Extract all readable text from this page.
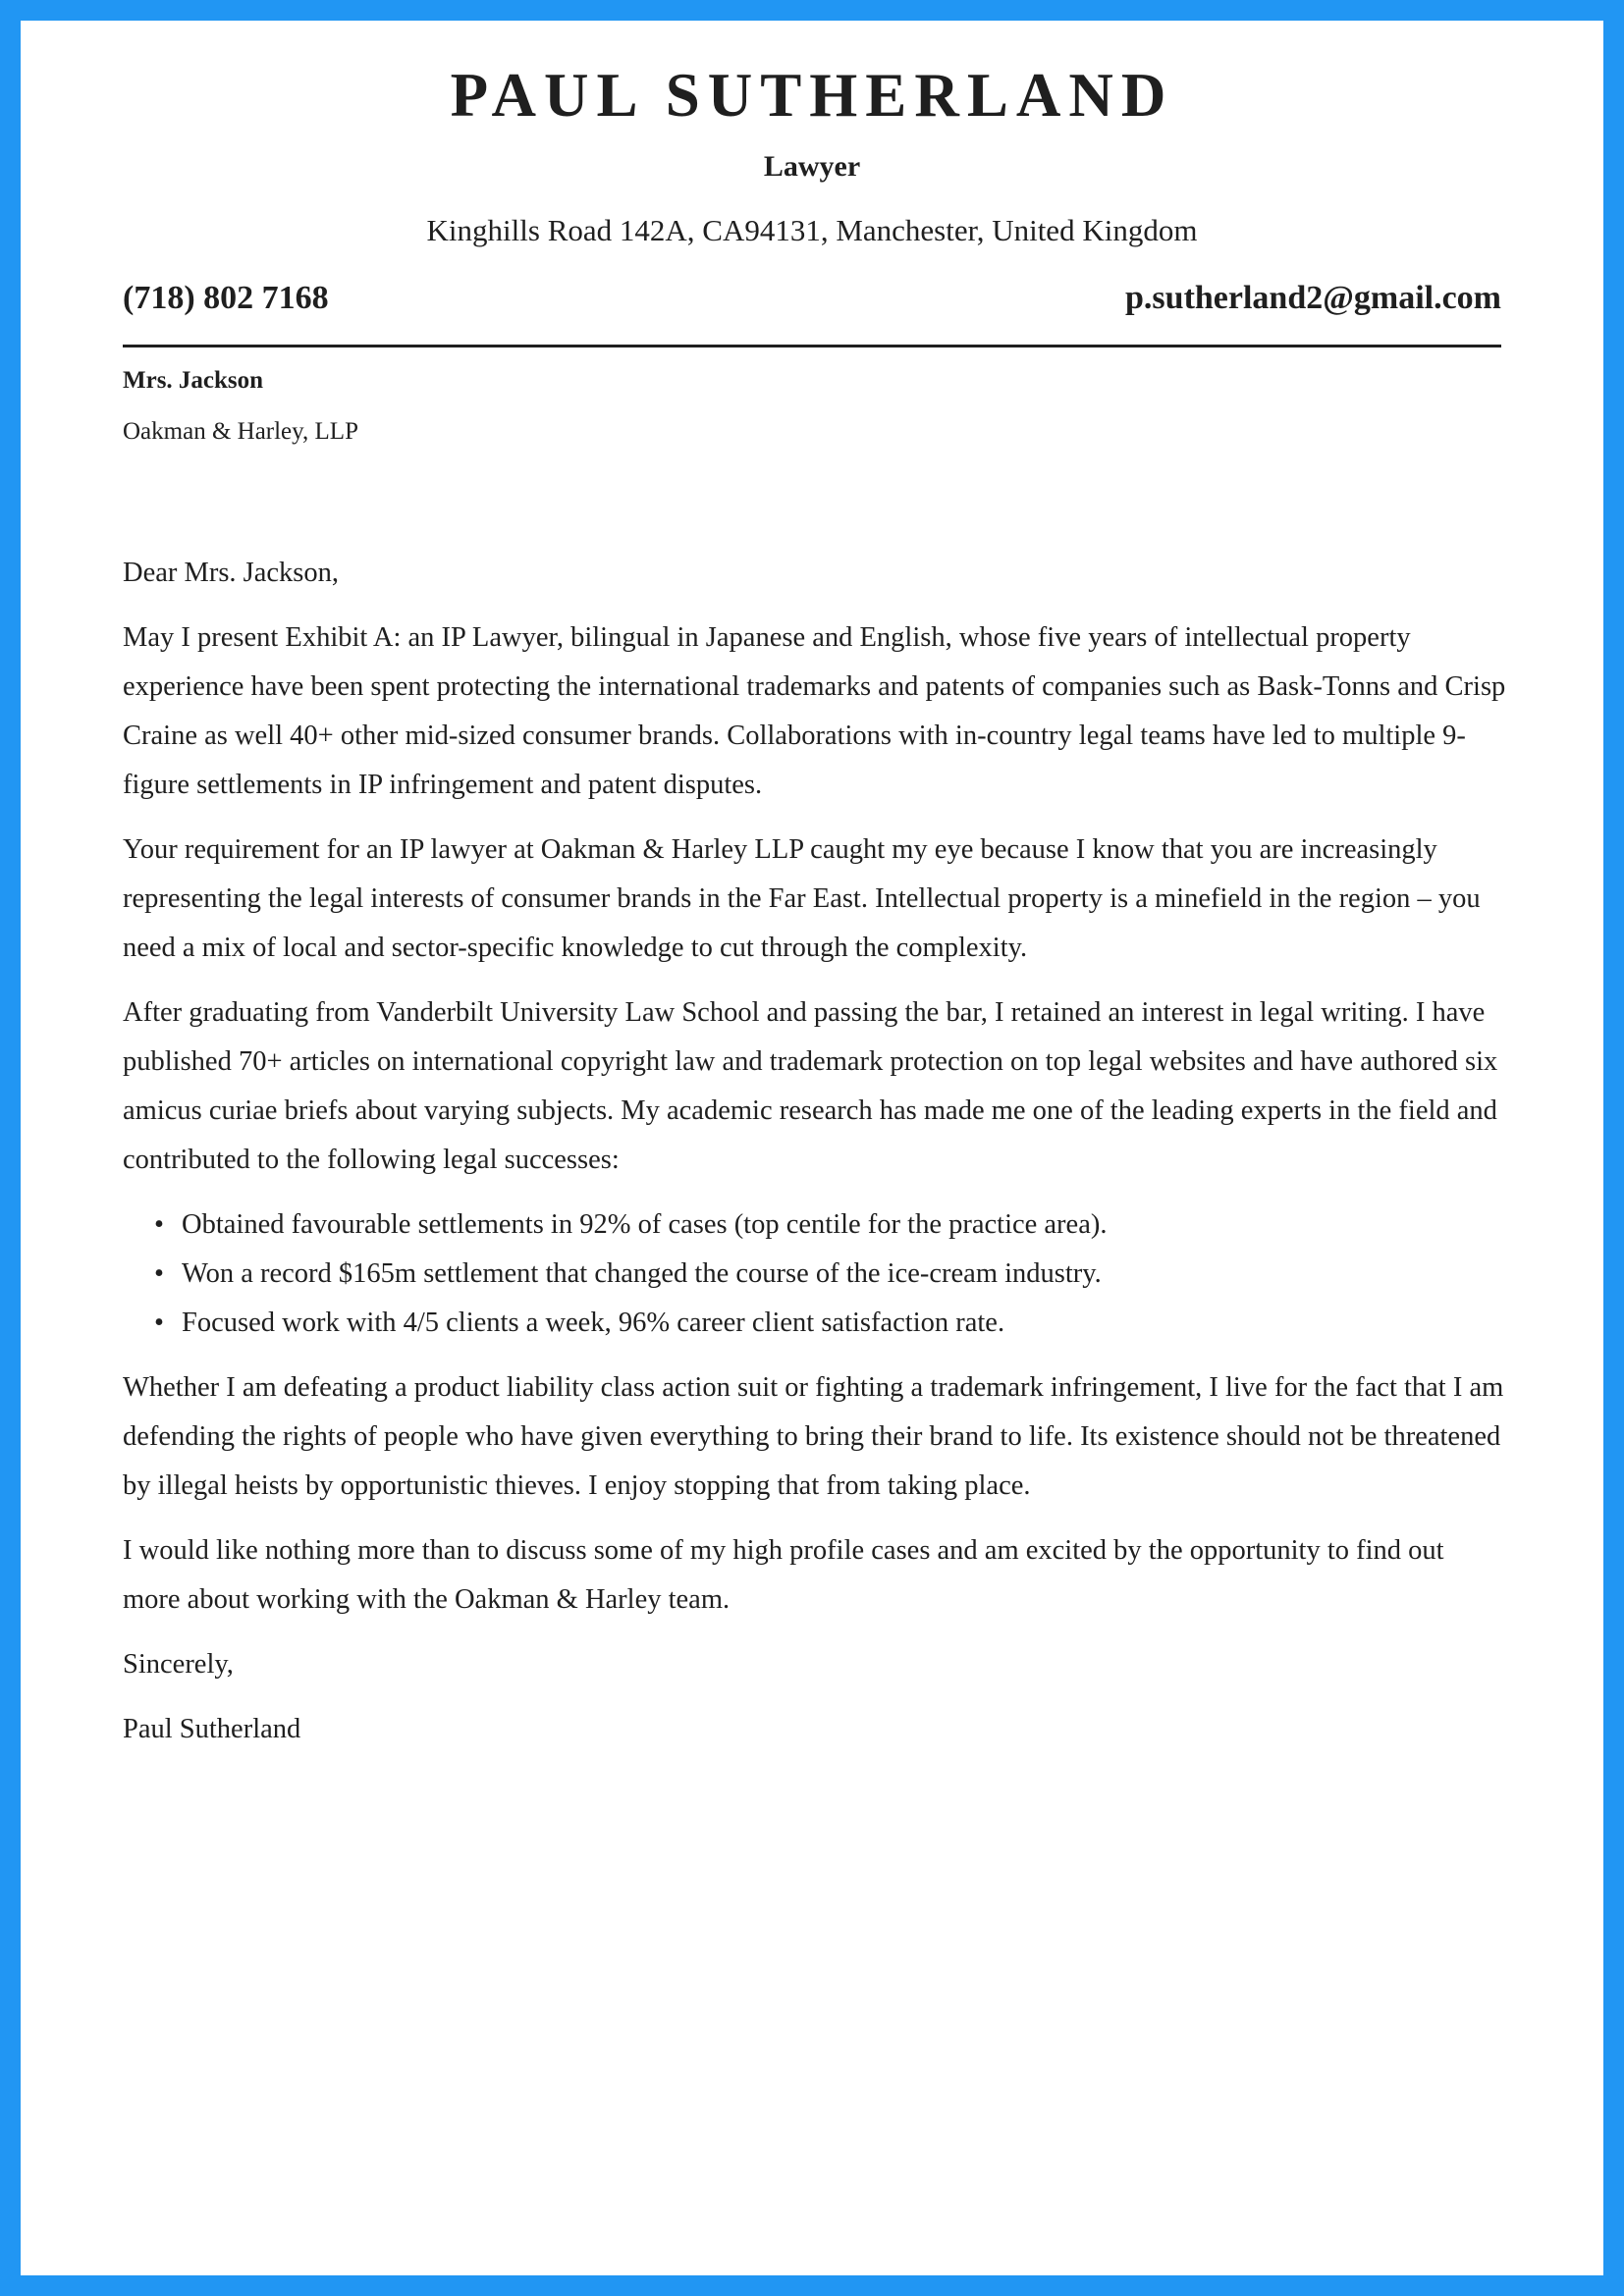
PAUL SUTHERLAND
Lawyer
Kinghills Road 142A, CA94131, Manchester, United Kingdom
(718) 802 7168	p.sutherland2@gmail.com
Mrs. Jackson
Oakman & Harley, LLP

Dear Mrs. Jackson,

May I present Exhibit A: an IP Lawyer, bilingual in Japanese and English, whose five years of intellectual property experience have been spent protecting the international trademarks and patents of companies such as Bask-Tonns and Crisp Craine as well 40+ other mid-sized consumer brands. Collaborations with in-country legal teams have led to multiple 9-figure settlements in IP infringement and patent disputes.

Your requirement for an IP lawyer at Oakman & Harley LLP caught my eye because I know that you are increasingly representing the legal interests of consumer brands in the Far East. Intellectual property is a minefield in the region – you need a mix of local and sector-specific knowledge to cut through the complexity.

After graduating from Vanderbilt University Law School and passing the bar, I retained an interest in legal writing. I have published 70+ articles on international copyright law and trademark protection on top legal websites and have authored six amicus curiae briefs about varying subjects. My academic research has made me one of the leading experts in the field and contributed to the following legal successes:

• Obtained favourable settlements in 92% of cases (top centile for the practice area).
• Won a record $165m settlement that changed the course of the ice-cream industry.
• Focused work with 4/5 clients a week, 96% career client satisfaction rate.

Whether I am defeating a product liability class action suit or fighting a trademark infringement, I live for the fact that I am defending the rights of people who have given everything to bring their brand to life. Its existence should not be threatened by illegal heists by opportunistic thieves. I enjoy stopping that from taking place.

I would like nothing more than to discuss some of my high profile cases and am excited by the opportunity to find out more about working with the Oakman & Harley team.

Sincerely,

Paul Sutherland
